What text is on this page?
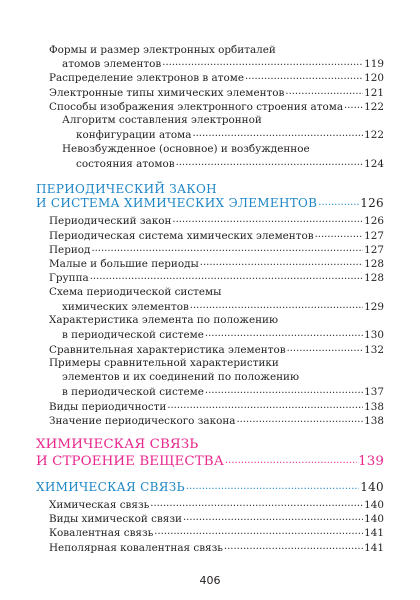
Формы и размер электронных орбиталей
атомов элементов .....	119
Распределение электронов в атоме .....	120
Электронные типы химических элементов .....	121
Способы изображения электронного строения атома ..... 122
Алгоритм составления электронной
конфигурации атома .....	122
Невозбужденное (основное) и возбужденное
состояния атомов .....	124
ПЕРИОДИЧЕСКИЙ ЗАКОН
И СИСТЕМА ХИМИЧЕСКИХ ЭЛЕМЕНТОВ .....	126
Периодический закон .....	126
Периодическая система химических элементов .....	127
Период .....	127
Малые и большие периоды .....	128
Группа .....	128
Схема периодической системы
химических элементов .....	129
Характеристика элемента по положению
в периодической системе .....	130
Сравнительная характеристика элементов .....	132
Примеры сравнительной характеристики
элементов и их соединений по положению
в периодической системе .....	137
Виды периодичности .....	138
Значение периодического закона .....	138
ХИМИЧЕСКАЯ СВЯЗЬ
И СТРОЕНИЕ ВЕЩЕСТВА .....	139
ХИМИЧЕСКАЯ СВЯЗЬ .....	140
Химическая связь .....	140
Виды химической связи .....	140
Ковалентная связь .....	141
Неполярная ковалентная связь .....	141
406
